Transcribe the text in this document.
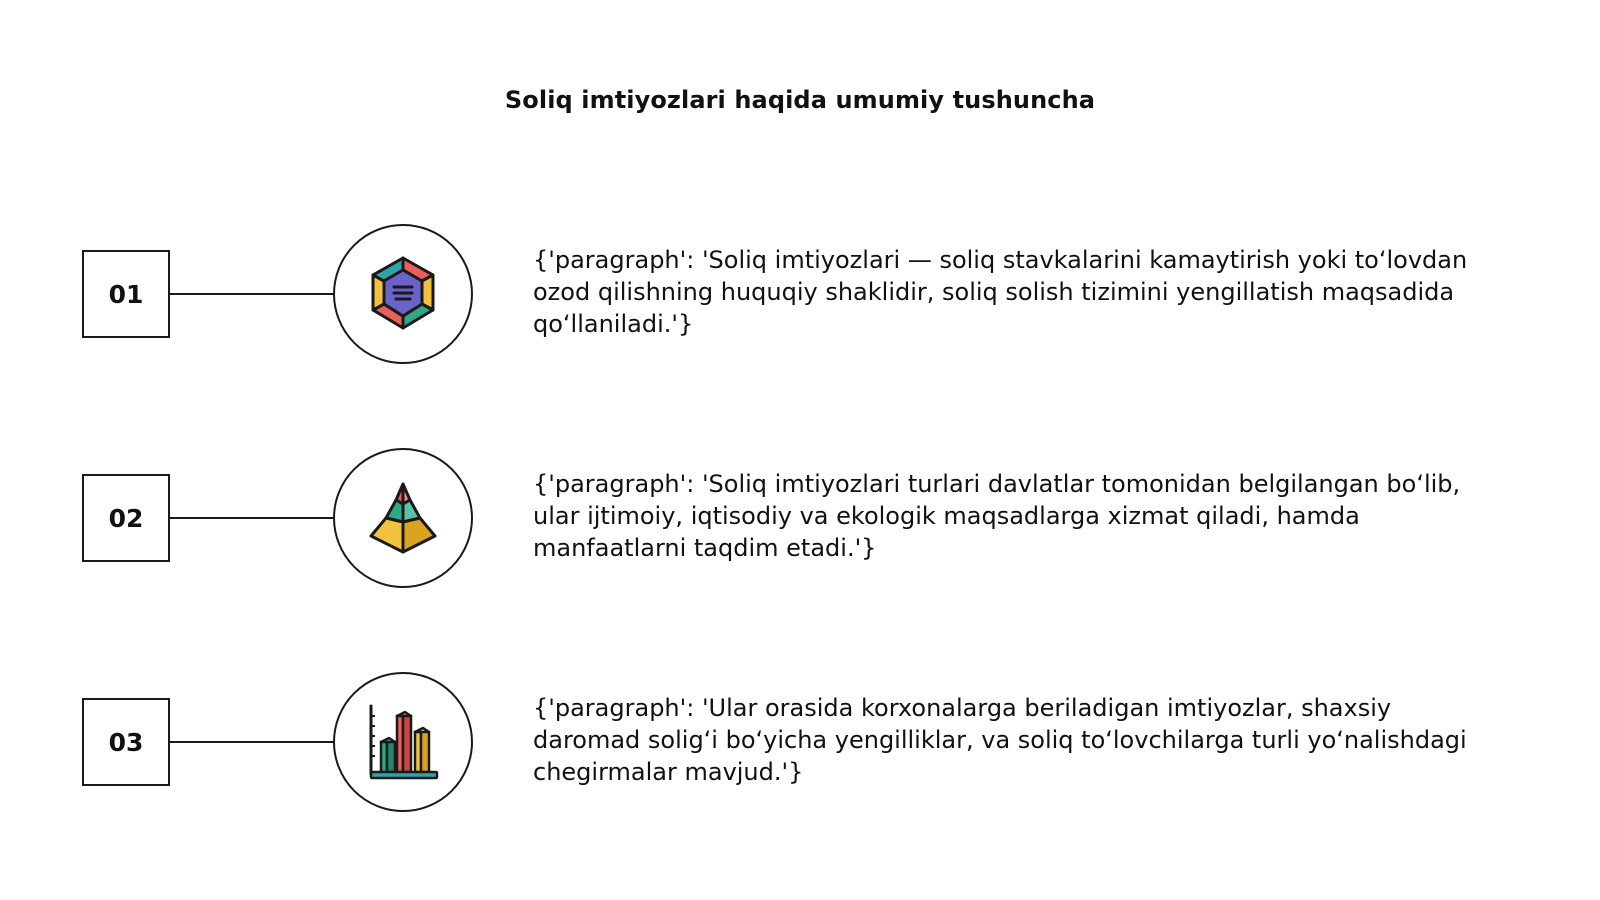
Soliq imtiyozlari haqida umumiy tushuncha
01
{'paragraph': 'Soliq imtiyozlari — soliq stavkalarini kamaytirish yoki to‘lovdan ozod qilishning huquqiy shaklidir, soliq solish tizimini yengillatish maqsadida qo‘llaniladi.'}
02
{'paragraph': 'Soliq imtiyozlari turlari davlatlar tomonidan belgilangan bo‘lib, ular ijtimoiy, iqtisodiy va ekologik maqsadlarga xizmat qiladi, hamda manfaatlarni taqdim etadi.'}
03
{'paragraph': 'Ular orasida korxonalarga beriladigan imtiyozlar, shaxsiy daromad solig‘i bo‘yicha yengilliklar, va soliq to‘lovchilarga turli yo‘nalishdagi chegirmalar mavjud.'}
